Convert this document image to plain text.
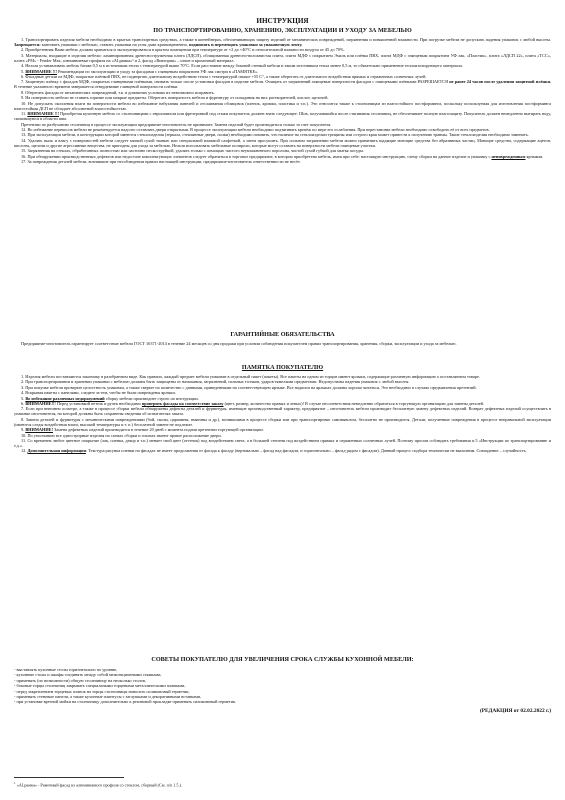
ИНСТРУКЦИЯ
ПО ТРАНСПОРТИРОВАНИЮ, ХРАНЕНИЮ, ЭКСПЛУАТАЦИИ И УХОДУ ЗА МЕБЕЛЬЮ

1. Транспортировать изделия мебели необходимо в крытых транспортных средствах, а также в контейнерах, обеспечивающих защиту изделий от механических повреждений, загрязнения и повышенной влажности. При погрузке мебели не допускать падения упаковок с любой высоты. Запрещается: кантовать упаковки с мебелью, ставить упаковки на углы даже кратковременно, поднимать и перемещать упаковки за упаковочную ленту.

2. Приобретенная Вами мебель должна храниться и эксплуатироваться в крытом помещении при температуре от +2 до +40°С и относительной влажности воздуха от 45 до 70%.

3. Материалы, входящие в изделия мебели: ламинированная древесностружечная плита (ЛДСП), облицованная древесно-волокнистая плита, плита МДФ с покрытием Эмаль или плёнка ПВХ, плита МДФ с глянцевым покрытием УФ лак, «Пластик», плита «ЛДСП 22», плита «ТСС», плита «FM» - Fender Max, алюминиевые профиля на «АLрамка»¹ и 2, фасад «Виктория» – шпон и кромочный материал.

4. Нельзя устанавливать мебель ближе 0,5 м к источникам тепла с температурой выше 70°С. Если расстояние между боковой стенкой мебели и таким источником тепла менее 0,5 м, то обязательно применение теплоизолирующего материала.

5. ВНИМАНИЕ !!! Рекомендации по эксплуатации и уходу за фасадами с глянцевым покрытием УФ лак смотри в «ПАМЯТКЕ».

6. Фасадные детали из МДФ, покрытые плёнкой ПВХ, не подвергать длительному воздействию тепла с температурой свыше +55 С°, а также оберегать от длительного воздействия прямых и отраженных солнечных лучей.

7. Защитную плёнку с фасадов МДФ, покрытых глянцевыми плёнками, снимать только после установки фасадов в изделие мебели. Очищать от загрязнений глянцевые поверхности фасадов с глянцевыми плёнками РАЗРЕШАЕТСЯ не ранее 24 часов после удаления защитной плёнки. В течение указанного времени завершается отвердевание глянцевой поверхности плёнки.

8. Оберегать фасады от механических повреждений, т.к. в домашних условиях их невозможно исправить.

9. На поверхность мебели не ставить горячие или мокрые предметы. Оберегать поверхность мебели и фурнитуру от попадания на них растворителей, кислот, щелочей.

10. Не допускать скопления влаги на поверхности мебели во избежание набухания панелей и отслаивания облицовок (пленок, кромки, пластика и т.п.). Это относится также к столешницам из влагостойкого постформинга, поскольку используемая для изготовления постформинга влагостойкая ДСП не обладает абсолютной влагостойкостью.

11. ВНИМАНИЕ !!! Приобретая кухонную мебель со столешницами с евроzапилом или фрезеровкой под стыки покупатель должен знать следующее. Шов, получившийся после стягивания столешниц, не обеспечивает полную влагозащиту. Покупатель должен немедленно вытирать воду, скопившуюся в области шва.

Претензии по разбуханию столешниц в процессе эксплуатации предприятие-изготовитель не принимает. Замена изделий будет производиться только за счет покупателя.

12. Во избежание перекосов мебели не рекомендуется надолго оставлять двери открытыми. В процессе эксплуатации мебели необходимо подтягивать крепёж по мере его ослабления. При перестановке мебели необходимо освободить её от всех предметов.

13. При эксплуатации мебели, в конструкции которой имеются стеклоизделия (зеркала, стеклянные двери, полки) необходимо помнить, что наличие на стеклоизделии трещины или острого края может привести к получению травмы. Такие стеклоизделия необходимо заменить.

14. Удалять пыль и влагу с поверхностей мебели следует мягкой сухой тканью или специальной влажной салфеткой, а затем просушить. При сильном загрязнении мебели можно применять щадящие моющие средства без абразивных частиц. Моющие средства, содержащие ацетон, кислоты, щелочи и другие агрессивные вещества, не пригодны для ухода за мебелью. Нельзя использовать мебельные полироли, которые могут оставить на поверхности мебели глянцевые участки.

15. Загрязнения на стеклах, обработанных полностью или частично пескоструйкой, удалять только с помощью чистого неувлажненного поролона, чистой сухой губкой для мытья посуды.

16. При обнаружении производственных дефектов или недостаче комплектующих элементов следует обратиться в торговое предприятие, в котором приобретена мебель, имея при себе: настоящую инструкцию, схему сборки на данное изделие и упаковку с неповрежденным ярлыком.

17. За повреждения деталей мебели, возникшие при несоблюдении правил настоящей инструкции, предприятие-изготовитель ответственности не несёт.

ГАРАНТИЙНЫЕ ОБЯЗАТЕЛЬСТВА

Предприятие-изготовитель гарантирует соответствие мебели ГОСТ 16371-2014 в течение 24 месяцев со дня продажи при условии соблюдения покупателем правил транспортирования, хранения, сборки, эксплуатации и ухода за мебелью.

ПАМЯТКА ПОКУПАТЕЛЮ

1. Изделия мебели поставляются заказчику в разобранном виде. Как правило, каждый предмет мебели упакован в отдельный пакет (пакеты). Все пакеты на одном из торцов имеют ярлыки, содержащие различную информацию о поставляемом товаре.

2. При транспортировании и хранении упаковки с мебелью должны быть защищены от намокания, загрязнений, сильных толчков, ударов тяжелыми предметами. Недопустимы падения упаковок с любой высоты.

3. При покупке мебели проверьте целостность упаковки, а также сверьте их количество с данными, приведенными на соответствующем ярлыке. Все надписи на ярлыках должны хорошо читаться. Это необходимо в случаях предъявления претензий.

4. Вскрывая пакеты с панелями, следите за тем, чтобы не были повреждены ярлыки.

5. Во избежание различных недоразумений сборку мебели производите строго по инструкции.

6. ВНИМАНИЕ!!! Перед установкой петель и ручек необходимо проверить фасады на соответствие заказу (цвет, размер, количество правых и левых)! В случае несоответствия немедленно обратиться в торгующую организацию для замены деталей.

7. Если при внешнем осмотре, а также в процессе сборки мебели обнаружены дефекты деталей и фурнитуры, имеющие производственный характер, предприятие – изготовитель мебели производит бесплатную замену дефектных изделий. Возврат дефектных изделий осуществлять в упаковке изготовителя, на которой должны быть сохранены сведения об испытателях заказа.

8. Замена деталей и фурнитуры с механическими повреждениями (бой, сколы, царапины, вмятины и др.), возникшими в процессе сборки или при транспортировке самовывозом, бесплатно не производится. Детали, полученные повреждения в процессе неправильной эксплуатации (имеются следы воздействия влаги, высокой температуры и т. п.) бесплатной замене не подлежат.

9. ВНИМАНИЕ! Замена дефектных изделий производится в течение 20 дней с момента подачи претензии торгующей организации.

10. По умолчанию все однострорные изделия на схемах сборки и эскизах имеют правое расположение двери.

11. Со временем любое цветное покрытие (лак, пленка, декор и т.п.) меняет свой цвет (оттенок) под воздействием света, а в большей степени под воздействием прямых и отраженных солнечных лучей. Поэтому просим соблюдать требования п.5 «Инструкции по транспортированию и т.д.».

12. Дополнительная информация: Текстура рисунка пленки на фасадах не имеет продолжения от фасада к фасаду (вертикально – фасад над фасадом, и горизонтально – фасад рядом с фасадом). Данный процесс подбора технически не выполним. Совпадение – случайность.

СОВЕТЫ ПОКУПАТЕЛЮ ДЛЯ УВЕЛИЧЕНИЯ СРОКА СЛУЖБЫ КУХОННОЙ МЕБЕЛИ:

- выставлять кухонные столы горизонтально по уровню,

- кухонные столы и шкафы соединять между собой межсекционными стяжками,

- применять (по возможности) общую столешницу на несколько столов,

- боковые торцы столешниц закрывать специальными торцевыми металлическими планками,

- перед закреплением торцевых планок на торцы столешницы наносить силиконовый герметик;

- применять стеновые панели, а также кухонные плинтусы с заглушками и декоративными вставками,

- при установке врезной мойки на столешницу дополнительно к резиновой прокладке применять силиконовый герметик.

(РЕДАКЦИЯ от 02.02.2022 г.)
$^1$ «АLрамка» - Рамочный фасад из алюминиевого профиля со стеклом, сборный (См. п/п 1.5.).
